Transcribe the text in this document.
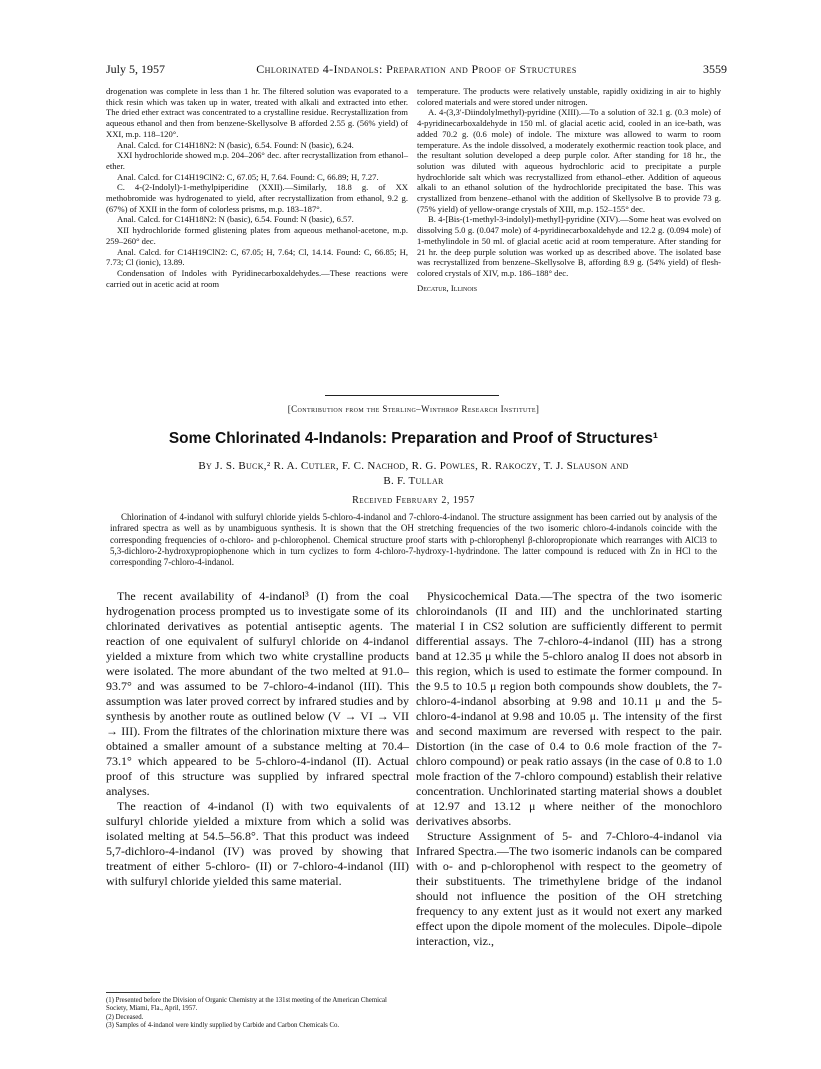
July 5, 1957	Chlorinated 4-Indanols: Preparation and Proof of Structures	3559

drogenation was complete in less than 1 hr. The filtered solution was evaporated to a thick resin which was taken up in water, treated with alkali and extracted into ether. The dried ether extract was concentrated to a crystalline residue. Recrystallization from aqueous ethanol and then from benzene-Skellysolve B afforded 2.55 g. (56% yield) of XXI, m.p. 118–120°.

Anal. Calcd. for C14H18N2: N (basic), 6.54. Found: N (basic), 6.24.

XXI hydrochloride showed m.p. 204–206° dec. after recrystallization from ethanol–ether.

Anal. Calcd. for C14H19ClN2: C, 67.05; H, 7.64. Found: C, 66.89; H, 7.27.

C. 4-(2-Indolyl)-1-methylpiperidine (XXII).—Similarly, 18.8 g. of XX methobromide was hydrogenated to yield, after recrystallization from ethanol, 9.2 g. (67%) of XXII in the form of colorless prisms, m.p. 183–187°.

Anal. Calcd. for C14H18N2: N (basic), 6.54. Found: N (basic), 6.57.

XII hydrochloride formed glistening plates from aqueous methanol-acetone, m.p. 259–260° dec.

Anal. Calcd. for C14H19ClN2: C, 67.05; H, 7.64; Cl, 14.14. Found: C, 66.85; H, 7.73; Cl (ionic), 13.89.

Condensation of Indoles with Pyridinecarboxaldehydes.—These reactions were carried out in acetic acid at room

temperature. The products were relatively unstable, rapidly oxidizing in air to highly colored materials and were stored under nitrogen.

A. 4-(3,3′-Diindolylmethyl)-pyridine (XIII).—To a solution of 32.1 g. (0.3 mole) of 4-pyridinecarboxaldehyde in 150 ml. of glacial acetic acid, cooled in an ice-bath, was added 70.2 g. (0.6 mole) of indole. The mixture was allowed to warm to room temperature. As the indole dissolved, a moderately exothermic reaction took place, and the resultant solution developed a deep purple color. After standing for 18 hr., the solution was diluted with aqueous hydrochloric acid to precipitate a purple hydrochloride salt which was recrystallized from ethanol–ether. Addition of aqueous alkali to an ethanol solution of the hydrochloride precipitated the base. This was crystallized from benzene–ethanol with the addition of Skellysolve B to provide 73 g. (75% yield) of yellow-orange crystals of XIII, m.p. 152–155° dec.

B. 4-[Bis-(1-methyl-3-indolyl)-methyl]-pyridine (XIV).—Some heat was evolved on dissolving 5.0 g. (0.047 mole) of 4-pyridinecarboxaldehyde and 12.2 g. (0.094 mole) of 1-methylindole in 50 ml. of glacial acetic acid at room temperature. After standing for 21 hr. the deep purple solution was worked up as described above. The isolated base was recrystallized from benzene–Skellysolve B, affording 8.9 g. (54% yield) of flesh-colored crystals of XIV, m.p. 186–188° dec.

Decatur, Illinois

[Contribution from the Sterling–Winthrop Research Institute]
Some Chlorinated 4-Indanols: Preparation and Proof of Structures¹
By J. S. Buck,² R. A. Cutler, F. C. Nachod, R. G. Powles, R. Rakoczy, T. J. Slauson and
B. F. Tullar
Received February 2, 1957

Chlorination of 4-indanol with sulfuryl chloride yields 5-chloro-4-indanol and 7-chloro-4-indanol. The structure assignment has been carried out by analysis of the infrared spectra as well as by unambiguous synthesis. It is shown that the OH stretching frequencies of the two isomeric chloro-4-indanols coincide with the corresponding frequencies of o-chloro- and p-chlorophenol. Chemical structure proof starts with p-chlorophenyl β-chloropropionate which rearranges with AlCl3 to 5,3-dichloro-2-hydroxypropiophenone which in turn cyclizes to form 4-chloro-7-hydroxy-1-hydrindone. The latter compound is reduced with Zn in HCl to the corresponding 7-chloro-4-indanol.

The recent availability of 4-indanol³ (I) from the coal hydrogenation process prompted us to investigate some of its chlorinated derivatives as potential antiseptic agents. The reaction of one equivalent of sulfuryl chloride on 4-indanol yielded a mixture from which two white crystalline products were isolated. The more abundant of the two melted at 91.0–93.7° and was assumed to be 7-chloro-4-indanol (III). This assumption was later proved correct by infrared studies and by synthesis by another route as outlined below (V → VI → VII → III). From the filtrates of the chlorination mixture there was obtained a smaller amount of a substance melting at 70.4–73.1° which appeared to be 5-chloro-4-indanol (II). Actual proof of this structure was supplied by infrared spectral analyses.

The reaction of 4-indanol (I) with two equivalents of sulfuryl chloride yielded a mixture from which a solid was isolated melting at 54.5–56.8°. That this product was indeed 5,7-dichloro-4-indanol (IV) was proved by showing that treatment of either 5-chloro- (II) or 7-chloro-4-indanol (III) with sulfuryl chloride yielded this same material.

(1) Presented before the Division of Organic Chemistry at the 131st meeting of the American Chemical Society, Miami, Fla., April, 1957.

(2) Deceased.

(3) Samples of 4-indanol were kindly supplied by Carbide and Carbon Chemicals Co.

Physicochemical Data.—The spectra of the two isomeric chloroindanols (II and III) and the unchlorinated starting material I in CS2 solution are sufficiently different to permit differential assays. The 7-chloro-4-indanol (III) has a strong band at 12.35 μ while the 5-chloro analog II does not absorb in this region, which is used to estimate the former compound. In the 9.5 to 10.5 μ region both compounds show doublets, the 7-chloro-4-indanol absorbing at 9.98 and 10.11 μ and the 5-chloro-4-indanol at 9.98 and 10.05 μ. The intensity of the first and second maximum are reversed with respect to the pair. Distortion (in the case of 0.4 to 0.6 mole fraction of the 7-chloro compound) or peak ratio assays (in the case of 0.8 to 1.0 mole fraction of the 7-chloro compound) establish their relative concentration. Unchlorinated starting material shows a doublet at 12.97 and 13.12 μ where neither of the monochloro derivatives absorbs.

Structure Assignment of 5- and 7-Chloro-4-indanol via Infrared Spectra.—The two isomeric indanols can be compared with o- and p-chlorophenol with respect to the geometry of their substituents. The trimethylene bridge of the indanol should not influence the position of the OH stretching frequency to any extent just as it would not exert any marked effect upon the dipole moment of the molecules. Dipole–dipole interaction, viz.,
